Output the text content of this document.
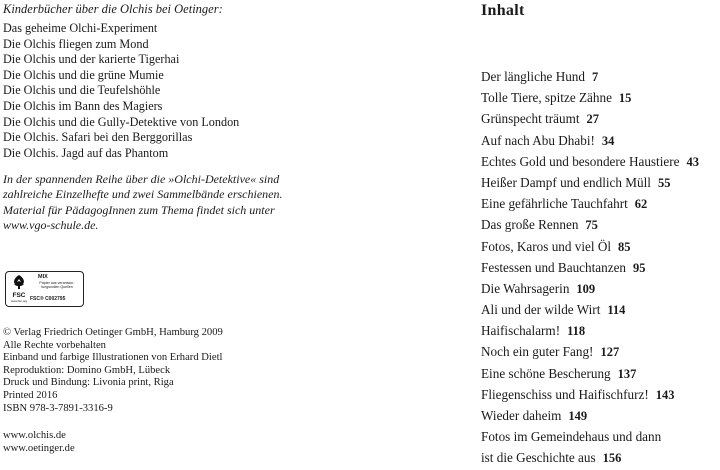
Kinderbücher über die Olchis bei Oetinger:
Das geheime Olchi-Experiment
Die Olchis fliegen zum Mond
Die Olchis und der karierte Tigerhai
Die Olchis und die grüne Mumie
Die Olchis und die Teufelshöhle
Die Olchis im Bann des Magiers
Die Olchis und die Gully-Detektive von London
Die Olchis. Safari bei den Berggorillas
Die Olchis. Jagd auf das Phantom
In der spannenden Reihe über die »Olchi-Detektive« sind
zahlreiche Einzelhefte und zwei Sammelbände erschienen.
Material für PädagogInnen zum Thema findet sich unter
www.vgo-schule.de.
FSC
www.fsc.org
MIX
Papier aus verantwor-tungsvollen Quellen
FSC® C002795
© Verlag Friedrich Oetinger GmbH, Hamburg 2009
Alle Rechte vorbehalten
Einband und farbige Illustrationen von Erhard Dietl
Reproduktion: Domino GmbH, Lübeck
Druck und Bindung: Livonia print, Riga
Printed 2016
ISBN 978-3-7891-3316-9
www.olchis.de
www.oetinger.de
Inhalt
Der längliche Hund 7
Tolle Tiere, spitze Zähne 15
Grünspecht träumt 27
Auf nach Abu Dhabi! 34
Echtes Gold und besondere Haustiere 43
Heißer Dampf und endlich Müll 55
Eine gefährliche Tauchfahrt 62
Das große Rennen 75
Fotos, Karos und viel Öl 85
Festessen und Bauchtanzen 95
Die Wahrsagerin 109
Ali und der wilde Wirt 114
Haifischalarm! 118
Noch ein guter Fang! 127
Eine schöne Bescherung 137
Fliegenschiss und Haifischfurz! 143
Wieder daheim 149
Fotos im Gemeindehaus und dann
ist die Geschichte aus 156
